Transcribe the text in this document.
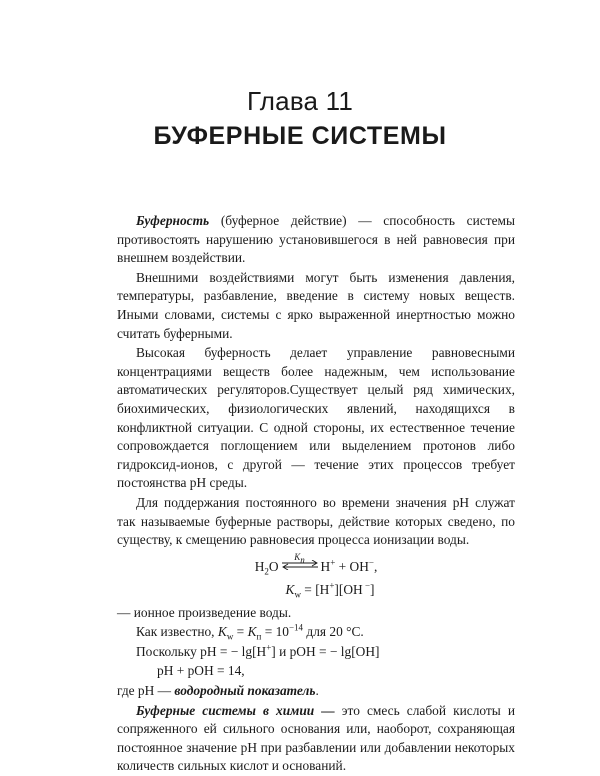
Глава 11
БУФЕРНЫЕ СИСТЕМЫ

Буферность (буферное действие) — способность системы противостоять нарушению установившегося в ней равновесия при внешнем воздействии.

Внешними воздействиями могут быть изменения давления, температуры, разбавление, введение в систему новых веществ. Иными словами, системы с ярко выраженной инертностью можно считать буферными.

Высокая буферность делает управление равновесными концентрациями веществ более надежным, чем использование автоматических регуляторов.Существует целый ряд химических, биохимических, физиологических явлений, находящихся в конфликтной ситуации. С одной стороны, их естественное течение сопровождается поглощением или выделением протонов либо гидроксид-ионов, с другой — течение этих процессов требует постоянства pH среды.

Для поддержания постоянного во времени значения pH служат так называемые буферные растворы, действие которых сведено, по существу, к смещению равновесия процесса ионизации воды.

$H_2O$
$K_п$	H+ + OH−,
$K_w = [H^+][OH$ −]

— ионное произведение воды.

Как известно, $K_w = K_п = 10^{-14}$ для 20 °C.

Поскольку pH = − lg[H+] и pOH = − lg[OH]

pH + pOH = 14,

где pH — водородный показатель.

Буферные системы в химии — это смесь слабой кислоты и сопряженного ей сильного основания или, наоборот, сохраняющая постоянное значение pH при разбавлении или добавлении некоторых количеств сильных кислот и оснований.
